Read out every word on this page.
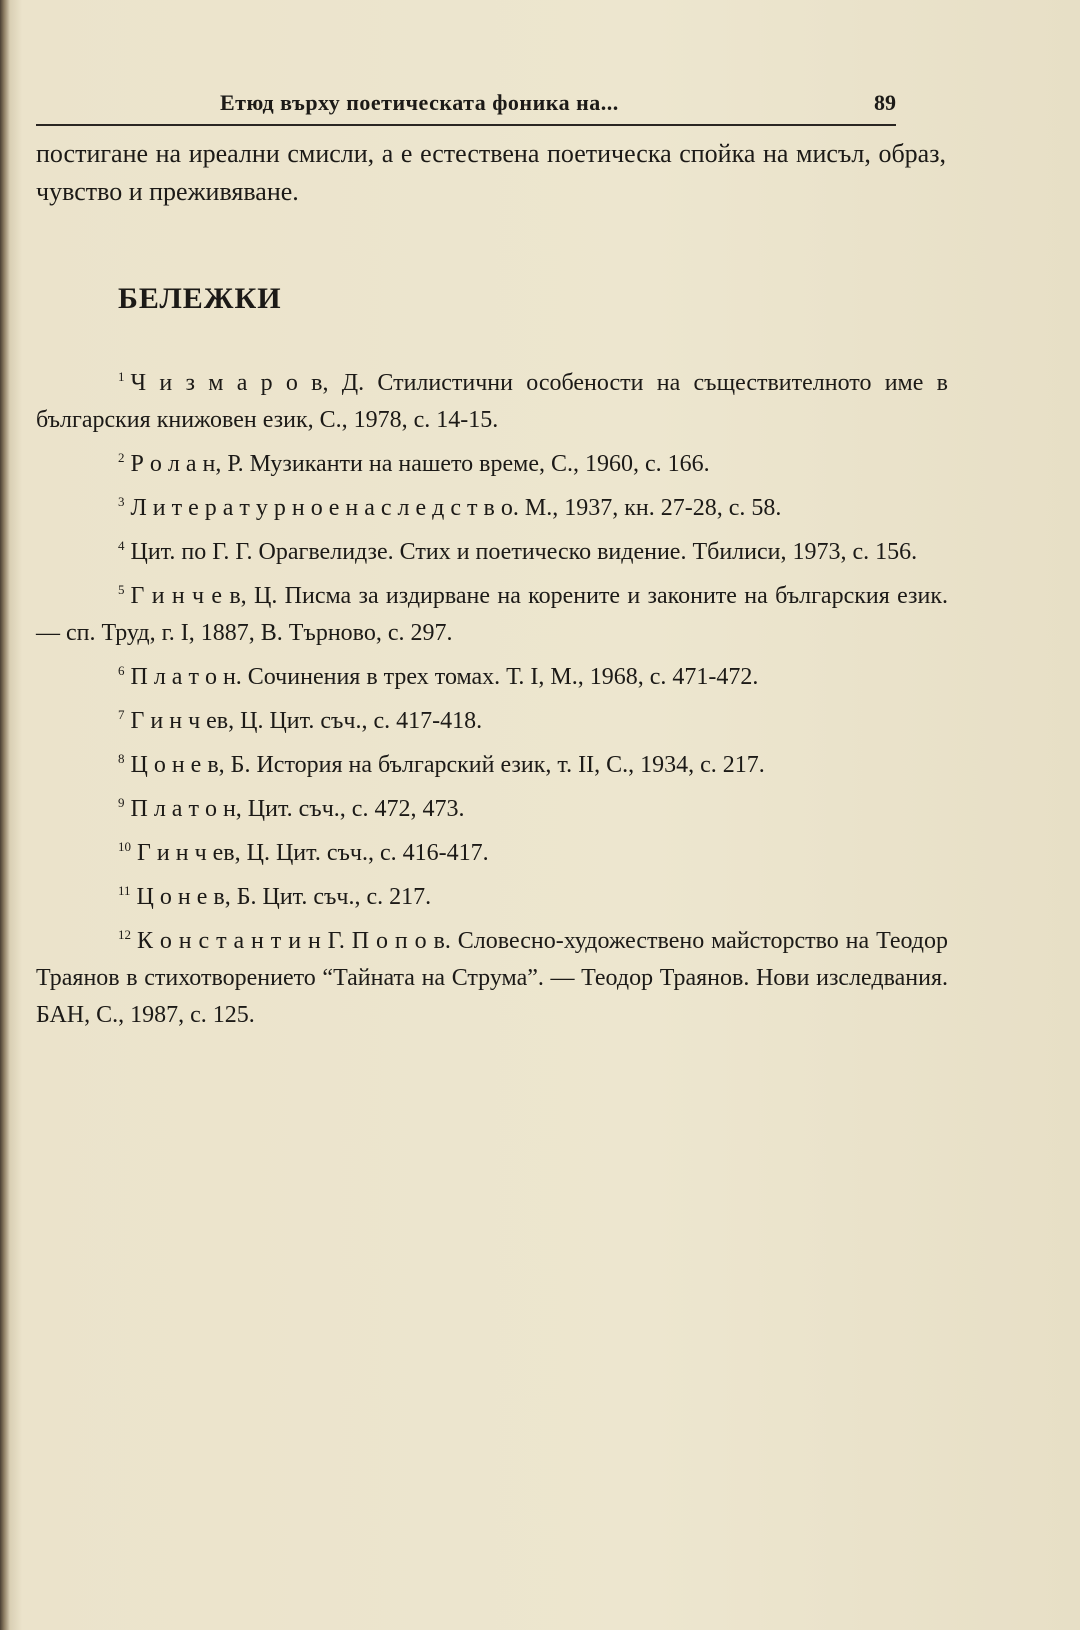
Етюд върху поетическата фоника на...	89

постигане на ирeални смисли, а е естествена поетическа спойка на мисъл, образ, чувство и преживяване.

БЕЛЕЖКИ

$^1$ Ч и з м а р о в, Д. Стилистични особености на съществителното име в българския книжовен език, С., 1978, с. 14-15.

$^2$ Р о л а н, Р. Музиканти на нашето време, С., 1960, с. 166.

$^3$ Л и т е р а т у р н о е н а с л е д с т в о. М., 1937, кн. 27-28, с. 58.

$^4$ Цит. по Г. Г. Орагвелидзе. Стих и поетическо видение. Тбилиси, 1973, с. 156.

$^5$ Г и н ч е в, Ц. Писма за издирване на корените и законите на българския език. — сп. Труд, г. I, 1887, В. Търново, с. 297.

$^6$ П л а т о н. Сочинения в трех томах. Т. I, М., 1968, с. 471-472.

$^7$ Г и н ч ев, Ц. Цит. съч., с. 417-418.

$^8$ Ц о н е в, Б. История на българский език, т. II, С., 1934, с. 217.

$^9$ П л а т о н, Цит. съч., с. 472, 473.

$^{10}$ Г и н ч ев, Ц. Цит. съч., с. 416-417.

$^{11}$ Ц о н е в, Б. Цит. съч., с. 217.

$^{12}$ К о н с т а н т и н Г. П о п о в. Словесно-художествено майсторство на Теодор Траянов в стихотворението “Тайната на Струма”. — Теодор Траянов. Нови изследвания. БАН, С., 1987, с. 125.
